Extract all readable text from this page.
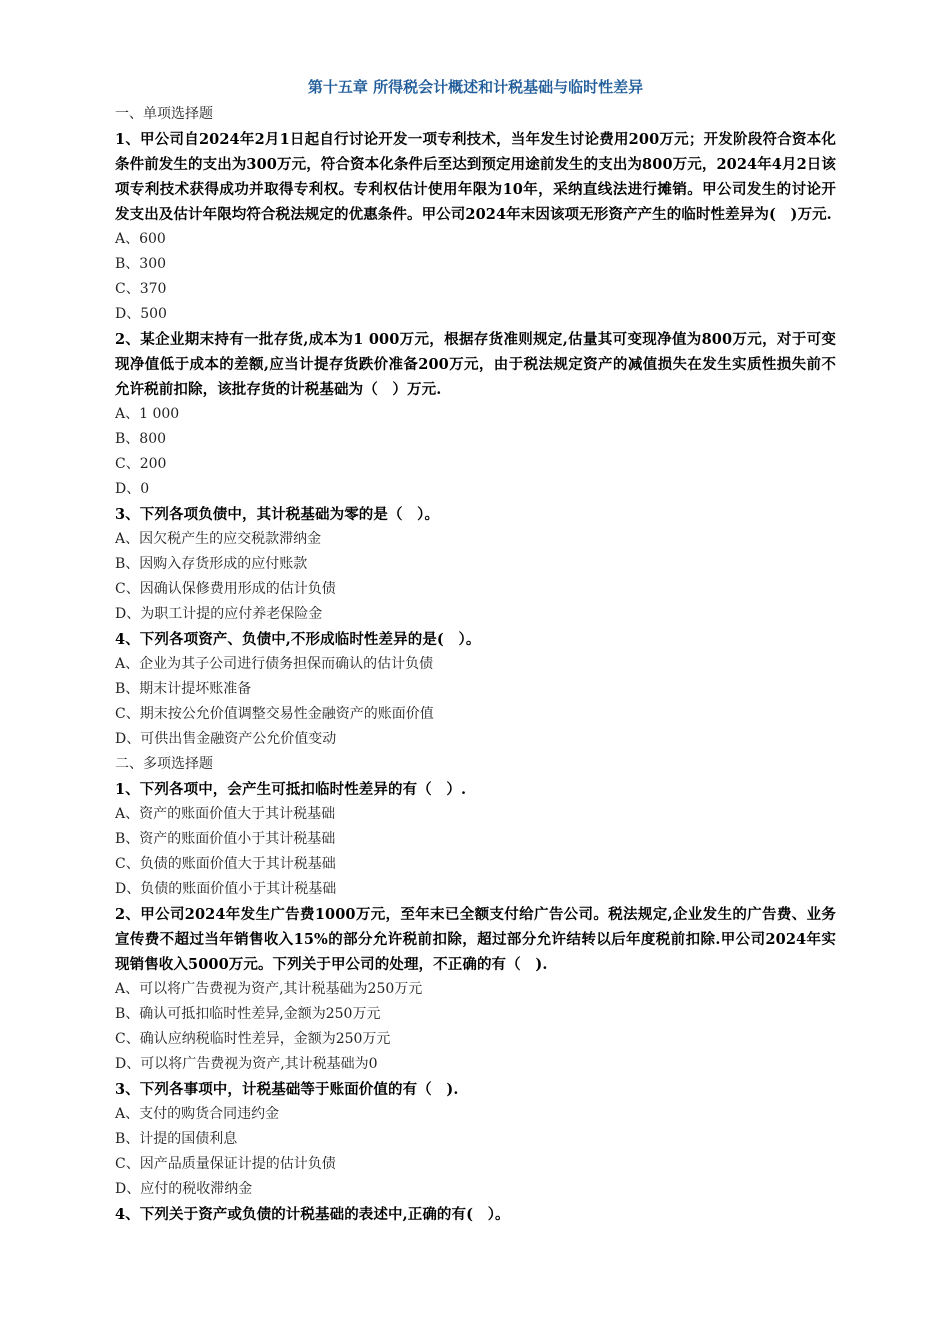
第十五章 所得税会计概述和计税基础与临时性差异

一、单项选择题

1、甲公司自2024年2月1日起自行讨论开发一项专利技术，当年发生讨论费用200万元；开发阶段符合资本化条件前发生的支出为300万元，符合资本化条件后至达到预定用途前发生的支出为800万元，2024年4月2日该项专利技术获得成功并取得专利权。专利权估计使用年限为10年，采纳直线法进行摊销。甲公司发生的讨论开发支出及估计年限均符合税法规定的优惠条件。甲公司2024年末因该项无形资产产生的临时性差异为(　)万元.

A、600

B、300

C、370

D、500

2、某企业期末持有一批存货,成本为1 000万元，根据存货准则规定,估量其可变现净值为800万元，对于可变现净值低于成本的差额,应当计提存货跌价准备200万元，由于税法规定资产的减值损失在发生实质性损失前不允许税前扣除，该批存货的计税基础为（　）万元.

A、1 000

B、800

C、200

D、0

3、下列各项负债中，其计税基础为零的是（　）。

A、因欠税产生的应交税款滞纳金

B、因购入存货形成的应付账款

C、因确认保修费用形成的估计负债

D、为职工计提的应付养老保险金

4、下列各项资产、负债中,不形成临时性差异的是(　）。

A、企业为其子公司进行债务担保而确认的估计负债

B、期末计提坏账准备

C、期末按公允价值调整交易性金融资产的账面价值

D、可供出售金融资产公允价值变动

二、多项选择题

1、下列各项中，会产生可抵扣临时性差异的有（　）.

A、资产的账面价值大于其计税基础

B、资产的账面价值小于其计税基础

C、负债的账面价值大于其计税基础

D、负债的账面价值小于其计税基础

2、甲公司2024年发生广告费1000万元，至年末已全额支付给广告公司。税法规定,企业发生的广告费、业务宣传费不超过当年销售收入15%的部分允许税前扣除，超过部分允许结转以后年度税前扣除.甲公司2024年实现销售收入5000万元。下列关于甲公司的处理，不正确的有（　).

A、可以将广告费视为资产,其计税基础为250万元

B、确认可抵扣临时性差异,金额为250万元

C、确认应纳税临时性差异，金额为250万元

D、可以将广告费视为资产,其计税基础为0

3、下列各事项中，计税基础等于账面价值的有（　).

A、支付的购货合同违约金

B、计提的国债利息

C、因产品质量保证计提的估计负债

D、应付的税收滞纳金

4、下列关于资产或负债的计税基础的表述中,正确的有(　）。
